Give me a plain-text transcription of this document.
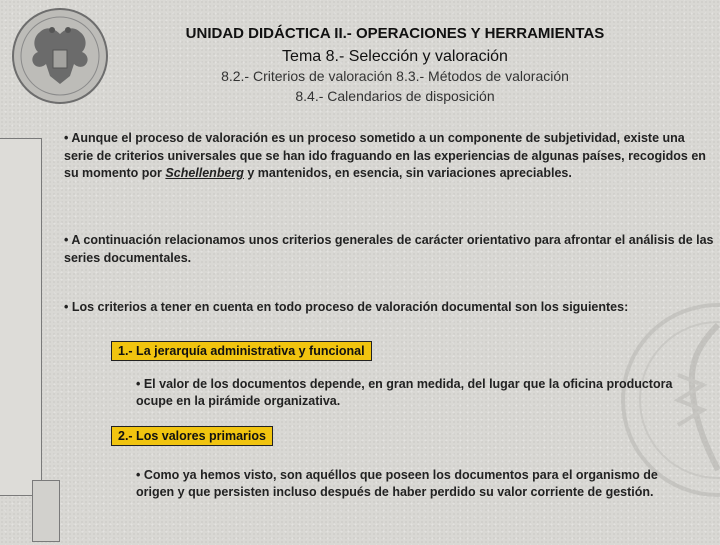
UNIDAD DIDÁCTICA II.- OPERACIONES Y HERRAMIENTAS
Tema 8.- Selección y valoración
8.2.- Criterios de valoración 8.3.- Métodos de valoración
8.4.- Calendarios de disposición
• Aunque el proceso de valoración es un proceso sometido a un componente de subjetividad, existe una serie de criterios universales que se han ido fraguando en las experiencias de algunas países, recogidos en su momento por Schellenberg y mantenidos, en esencia, sin variaciones apreciables.
• A continuación relacionamos unos criterios generales de carácter orientativo para afrontar el análisis de las series documentales.
• Los criterios a tener en cuenta en todo proceso de valoración documental son los siguientes:
1.- La jerarquía administrativa y funcional
• El valor de los documentos depende, en gran medida, del lugar que la oficina productora ocupe en la pirámide organizativa.
2.- Los valores primarios
• Como ya hemos visto, son aquéllos que poseen los documentos para el organismo de origen y que persisten incluso después de haber perdido su valor corriente de gestión.
